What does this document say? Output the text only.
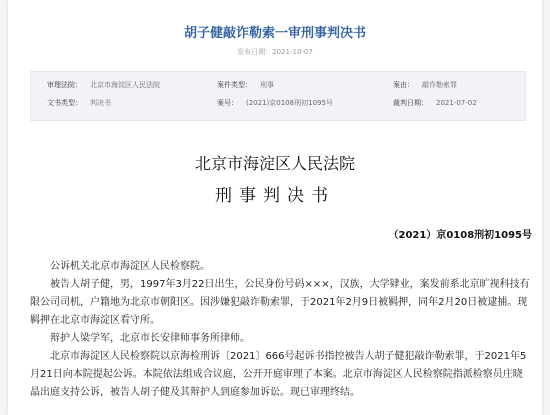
胡子健敲诈勒索一审刑事判决书
发布日期：2021-10-07
审理法院： 北京市海淀区人民法院	案件类型： 刑事	案由： 敲诈勒索罪
文书类型： 判决书	案号： (2021)京0108刑初1095号	裁判日期： 2021-07-02
北京市海淀区人民法院
刑事判决书
（2021）京0108刑初1095号

公诉机关北京市海淀区人民检察院。

被告人胡子健，男，1997年3月22日出生，公民身份号码×××，汉族，大学肄业，案发前系北京旷视科技有限公司司机，户籍地为北京市朝阳区。因涉嫌犯敲诈勒索罪，于2021年2月9日被羁押，同年2月20日被逮捕。现羁押在北京市海淀区看守所。

辩护人梁学军，北京市长安律师事务所律师。

北京市海淀区人民检察院以京海检刑诉〔2021〕666号起诉书指控被告人胡子健犯敲诈勒索罪，于2021年5月21日向本院提起公诉。本院依法组成合议庭，公开开庭审理了本案。北京市海淀区人民检察院指派检察员庄晓晶出庭支持公诉，被告人胡子健及其辩护人到庭参加诉讼。现已审理终结。
